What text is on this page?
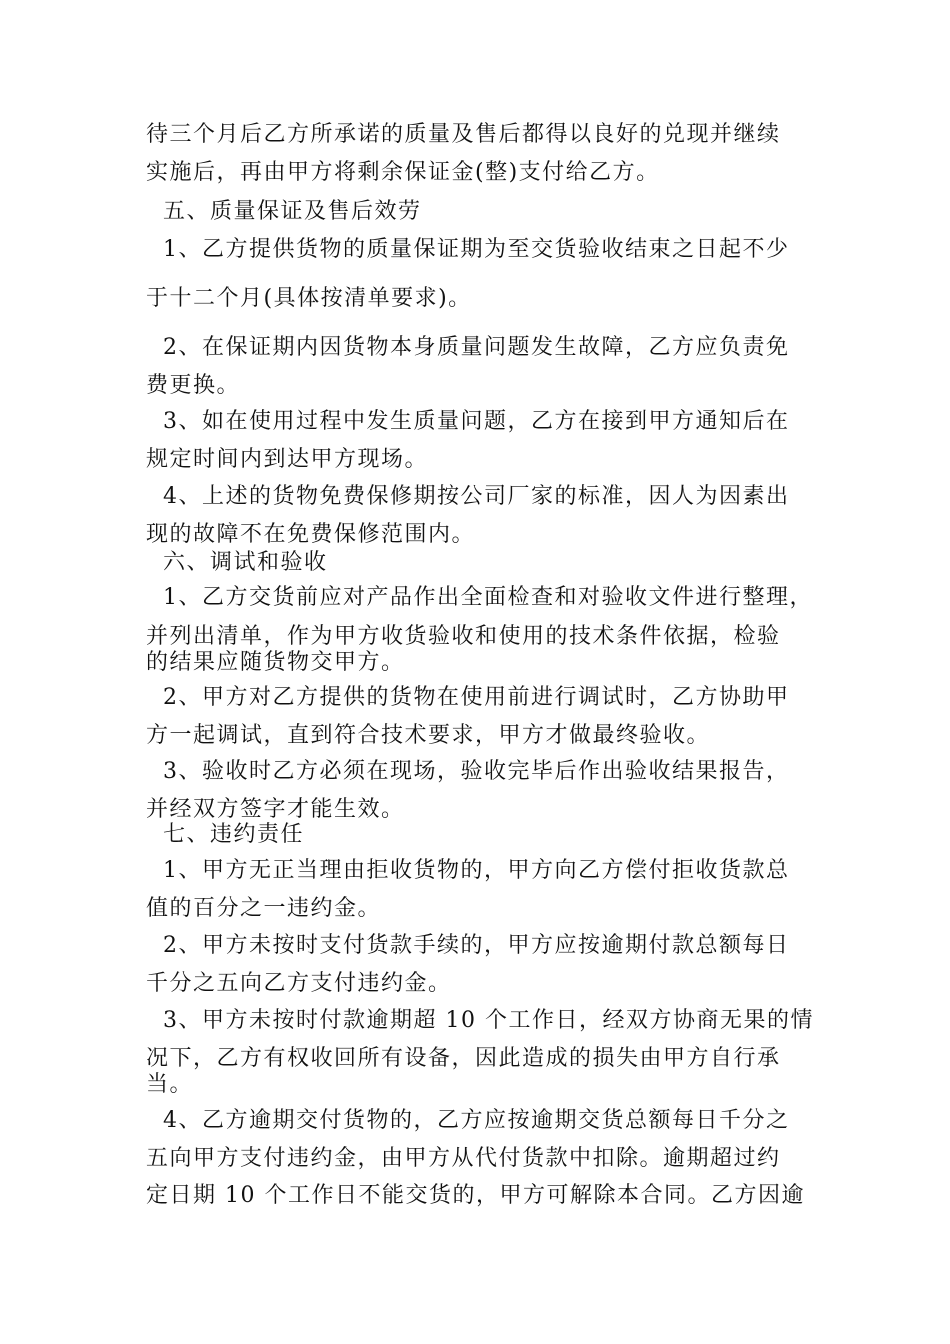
待三个月后乙方所承诺的质量及售后都得以良好的兑现并继续
实施后，再由甲方将剩余保证金(整)支付给乙方。
五、质量保证及售后效劳
1、乙方提供货物的质量保证期为至交货验收结束之日起不少
于十二个月(具体按清单要求)。
2、在保证期内因货物本身质量问题发生故障，乙方应负责免
费更换。
3、如在使用过程中发生质量问题，乙方在接到甲方通知后在
规定时间内到达甲方现场。
4、上述的货物免费保修期按公司厂家的标准，因人为因素出
现的故障不在免费保修范围内。
六、调试和验收
1、乙方交货前应对产品作出全面检查和对验收文件进行整理，
并列出清单，作为甲方收货验收和使用的技术条件依据，检验
的结果应随货物交甲方。
2、甲方对乙方提供的货物在使用前进行调试时，乙方协助甲
方一起调试，直到符合技术要求，甲方才做最终验收。
3、验收时乙方必须在现场，验收完毕后作出验收结果报告，
并经双方签字才能生效。
七、违约责任
1、甲方无正当理由拒收货物的，甲方向乙方偿付拒收货款总
值的百分之一违约金。
2、甲方未按时支付货款手续的，甲方应按逾期付款总额每日
千分之五向乙方支付违约金。
3、甲方未按时付款逾期超 10 个工作日，经双方协商无果的情
况下，乙方有权收回所有设备，因此造成的损失由甲方自行承
当。
4、乙方逾期交付货物的，乙方应按逾期交货总额每日千分之
五向甲方支付违约金，由甲方从代付货款中扣除。逾期超过约
定日期 10 个工作日不能交货的，甲方可解除本合同。乙方因逾
